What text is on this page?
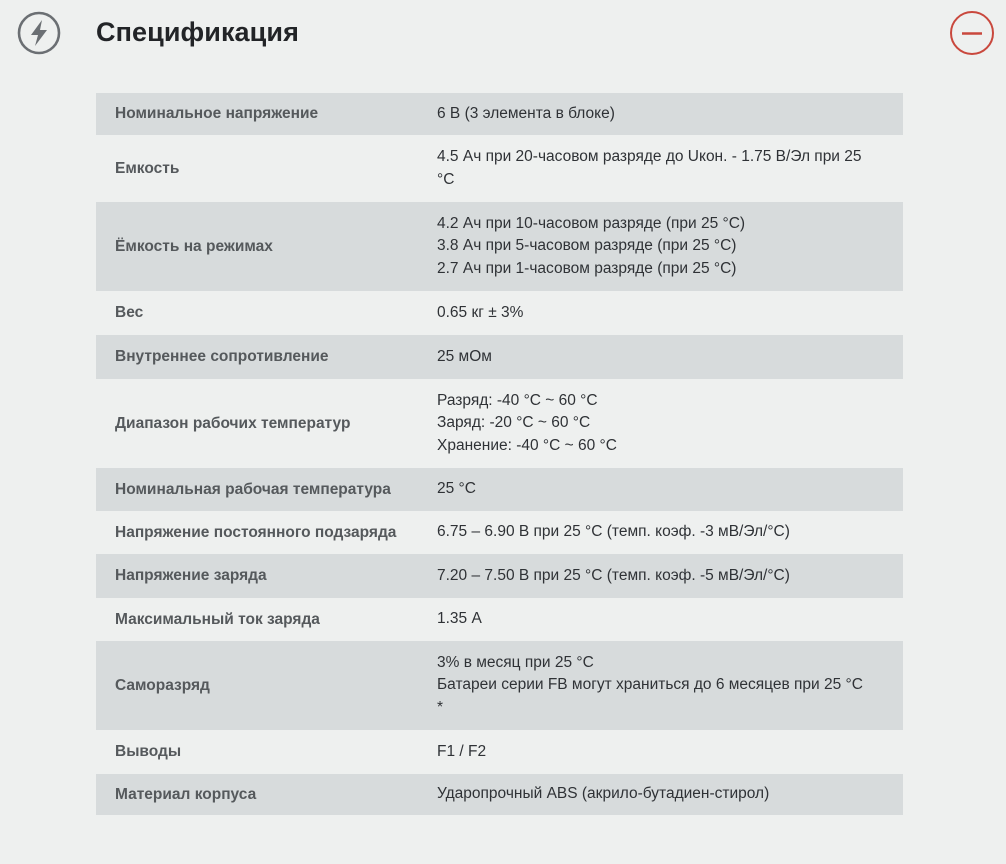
Спецификация
Номинальное напряжение	6 В (3 элемента в блоке)

Емкость	4.5 Ач при 20-часовом разряде до Uкон. - 1.75 В/Эл при 25
°С

Ёмкость на режимах	4.2 Ач при 10-часовом разряде (при 25 °С)
3.8 Ач при 5-часовом разряде (при 25 °С)
2.7 Ач при 1-часовом разряде (при 25 °С)

Вес	0.65 кг ± 3%

Внутреннее сопротивление	25 мОм

Диапазон рабочих температур	Разряд: -40 °С ~ 60 °С
Заряд: -20 °С ~ 60 °С
Хранение: -40 °С ~ 60 °С

Номинальная рабочая температура	25 °С

Напряжение постоянного подзаряда	6.75 – 6.90 В при 25 °С (темп. коэф. -3 мВ/Эл/°С)

Напряжение заряда	7.20 – 7.50 В при 25 °С (темп. коэф. -5 мВ/Эл/°С)

Максимальный ток заряда	1.35 А

Саморазряд	3% в месяц при 25 °С
Батареи серии FB могут храниться до 6 месяцев при 25 °С
*

Выводы	F1 / F2

Материал корпуса	Ударопрочный ABS (акрило-бутадиен-стирол)
